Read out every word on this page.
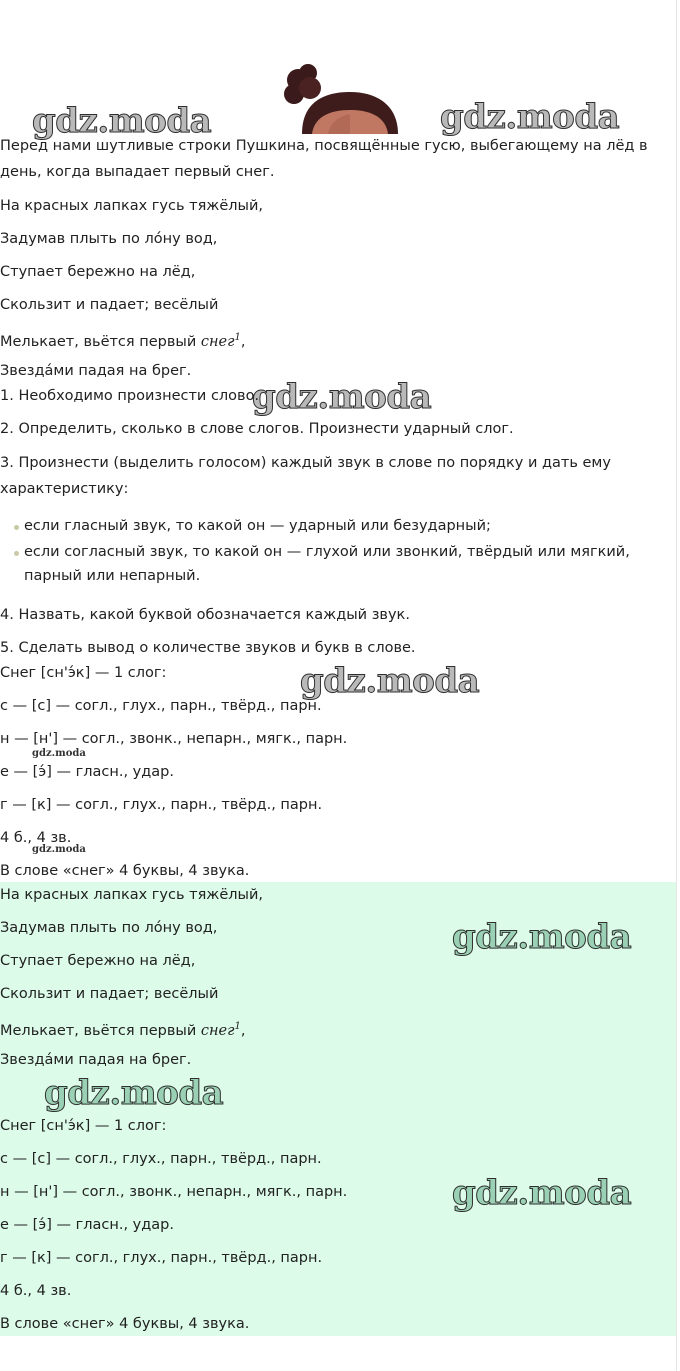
gdz.moda	gdz.moda
gdz.moda
gdz.moda
gdz.moda
gdz.moda
Перед нами шутливые строки Пушкина, посвящённые гусю, выбегающему на лёд в день, когда выпадает первый снег.
На красных лапках гусь тяжёлый,
Задумав плыть по ло́ну вод,
Ступает бережно на лёд,
Скользит и падает; весёлый
Мелькает, вьётся первый снег$^1$,
Звезда́ми падая на брег.
1. Необходимо произнести слово.
2. Определить, сколько в слове слогов. Произнести ударный слог.
3. Произнести (выделить голосом) каждый звук в слове по порядку и дать ему характеристику:
если гласный звук, то какой он — ударный или безударный;
если согласный звук, то какой он — глухой или звонкий, твёрдый или мягкий, парный или непарный.
4. Назвать, какой буквой обозначается каждый звук.
5. Сделать вывод о количестве звуков и букв в слове.
Снег [сн'э́к] — 1 слог:
с — [с] — согл., глух., парн., твёрд., парн.
н — [н'] — согл., звонк., непарн., мягк., парн.
е — [э́] — гласн., удар.
г — [к] — согл., глух., парн., твёрд., парн.
4 б., 4 зв.
В слове «снег» 4 буквы, 4 звука.
gdz.moda
gdz.moda
gdz.moda
На красных лапках гусь тяжёлый,
Задумав плыть по ло́ну вод,
Ступает бережно на лёд,
Скользит и падает; весёлый
Мелькает, вьётся первый снег$^1$,
Звезда́ми падая на брег.
Снег [сн'э́к] — 1 слог:
с — [с] — согл., глух., парн., твёрд., парн.
н — [н'] — согл., звонк., непарн., мягк., парн.
е — [э́] — гласн., удар.
г — [к] — согл., глух., парн., твёрд., парн.
4 б., 4 зв.
В слове «снег» 4 буквы, 4 звука.
